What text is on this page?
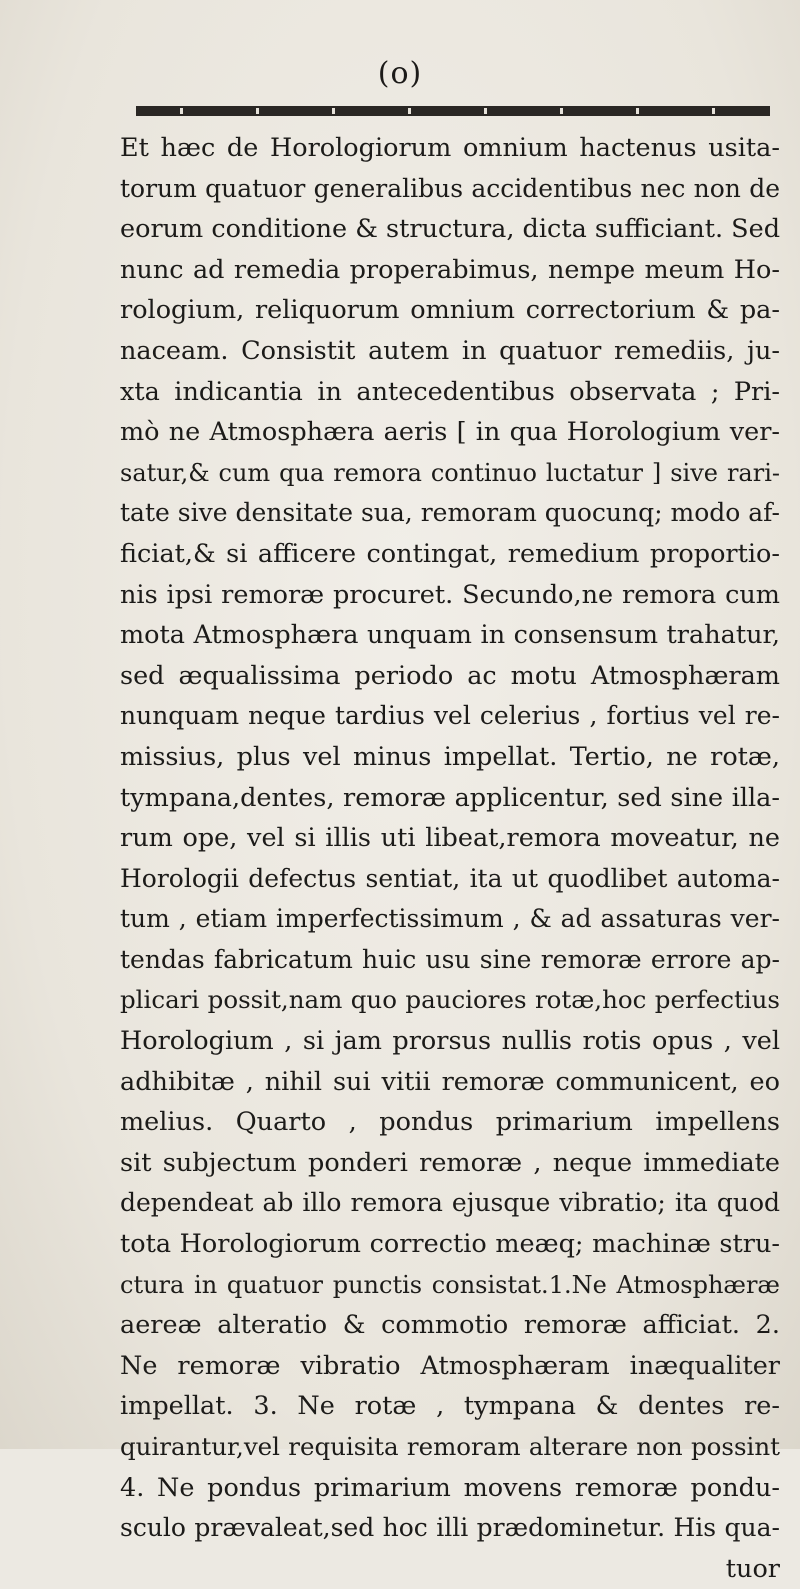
(o)
Et hæc de Horologiorum omnium hactenus usita-
torum quatuor generalibus accidentibus nec non de
eorum conditione & structura, dicta sufficiant. Sed
nunc ad remedia properabimus, nempe meum Ho-
rologium, reliquorum omnium correctorium & pa-
naceam. Consistit autem in quatuor remediis, ju-
xta indicantia in antecedentibus observata ; Pri-
mò ne Atmosphæra aeris [ in qua Horologium ver-
satur,& cum qua remora continuo luctatur ] sive rari-
tate sive densitate sua, remoram quocunq; modo af-
ficiat,& si afficere contingat, remedium proportio-
nis ipsi remoræ procuret. Secundo,ne remora cum
mota Atmosphæra unquam in consensum trahatur,
sed æqualissima periodo ac motu Atmosphæram
nunquam neque tardius vel celerius , fortius vel re-
missius, plus vel minus impellat. Tertio, ne rotæ,
tympana,dentes, remoræ applicentur, sed sine illa-
rum ope, vel si illis uti libeat,remora moveatur, ne
Horologii defectus sentiat, ita ut quodlibet automa-
tum , etiam imperfectissimum , & ad assaturas ver-
tendas fabricatum huic usu sine remoræ errore ap-
plicari possit,nam quo pauciores rotæ,hoc perfectius
Horologium , si jam prorsus nullis rotis opus , vel
adhibitæ , nihil sui vitii remoræ communicent, eo
melius. Quarto , pondus primarium impellens
sit subjectum ponderi remoræ , neque immediate
dependeat ab illo remora ejusque vibratio; ita quod
tota Horologiorum correctio meæq; machinæ stru-
ctura in quatuor punctis consistat.1.Ne Atmosphæræ
aereæ alteratio & commotio remoræ afficiat. 2.
Ne remoræ vibratio Atmosphæram inæqualiter
impellat. 3. Ne rotæ , tympana & dentes re-
quirantur,vel requisita remoram alterare non possint
4. Ne pondus primarium movens remoræ pondu-
sculo prævaleat,sed hoc illi prædominetur. His qua-
tuor
